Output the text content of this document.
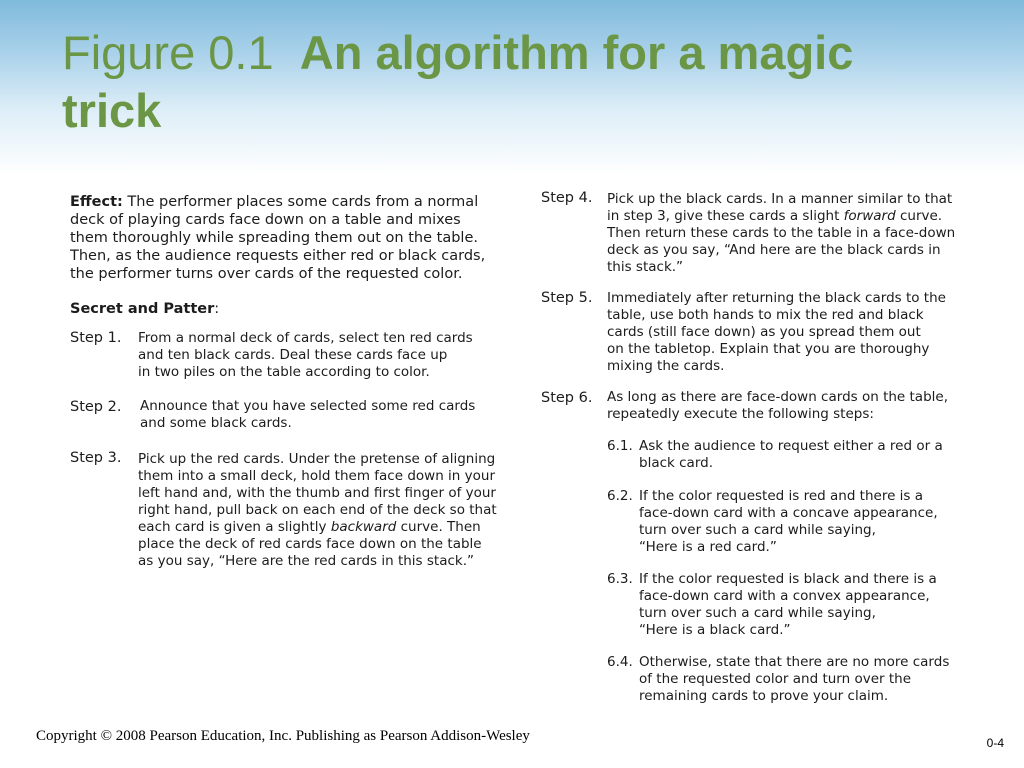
Figure 0.1 An algorithm for a magic trick
Effect: The performer places some cards from a normal
deck of playing cards face down on a table and mixes
them thoroughly while spreading them out on the table.
Then, as the audience requests either red or black cards,
the performer turns over cards of the requested color.
Secret and Patter:
Step 1. From a normal deck of cards, select ten red cards
and ten black cards. Deal these cards face up
in two piles on the table according to color.
Step 2. Announce that you have selected some red cards
and some black cards.
Step 3. Pick up the red cards. Under the pretense of aligning
them into a small deck, hold them face down in your
left hand and, with the thumb and first finger of your
right hand, pull back on each end of the deck so that
each card is given a slightly backward curve. Then
place the deck of red cards face down on the table
as you say, “Here are the red cards in this stack.”
Step 4. Pick up the black cards. In a manner similar to that
in step 3, give these cards a slight forward curve.
Then return these cards to the table in a face-down
deck as you say, “And here are the black cards in
this stack.”
Step 5. Immediately after returning the black cards to the
table, use both hands to mix the red and black
cards (still face down) as you spread them out
on the tabletop. Explain that you are thoroughy
mixing the cards.
Step 6. As long as there are face-down cards on the table,
repeatedly execute the following steps:
6.1. Ask the audience to request either a red or a
black card.
6.2. If the color requested is red and there is a
face-down card with a concave appearance,
turn over such a card while saying,
“Here is a red card.”
6.3. If the color requested is black and there is a
face-down card with a convex appearance,
turn over such a card while saying,
“Here is a black card.”
6.4. Otherwise, state that there are no more cards
of the requested color and turn over the
remaining cards to prove your claim.
Copyright © 2008 Pearson Education, Inc. Publishing as Pearson Addison-Wesley	0-4
